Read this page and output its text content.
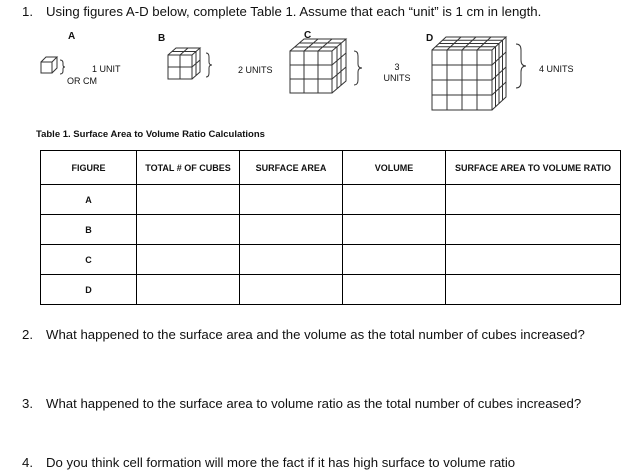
1. Using figures A-D below, complete Table 1. Assume that each “unit” is 1 cm in length.
A	B	C	D
1 UNIT
OR CM
2 UNITS	3
UNITS
4 UNITS
Table 1. Surface Area to Volume Ratio Calculations
FIGURE	TOTAL # OF CUBES	SURFACE AREA	VOLUME	SURFACE AREA TO VOLUME RATIO
A				
B				
C				
D				
2. What happened to the surface area and the volume as the total number of cubes increased?
3. What happened to the surface area to volume ratio as the total number of cubes increased?
4. Do you think cell formation will more the fact if it has high surface to volume ratio
